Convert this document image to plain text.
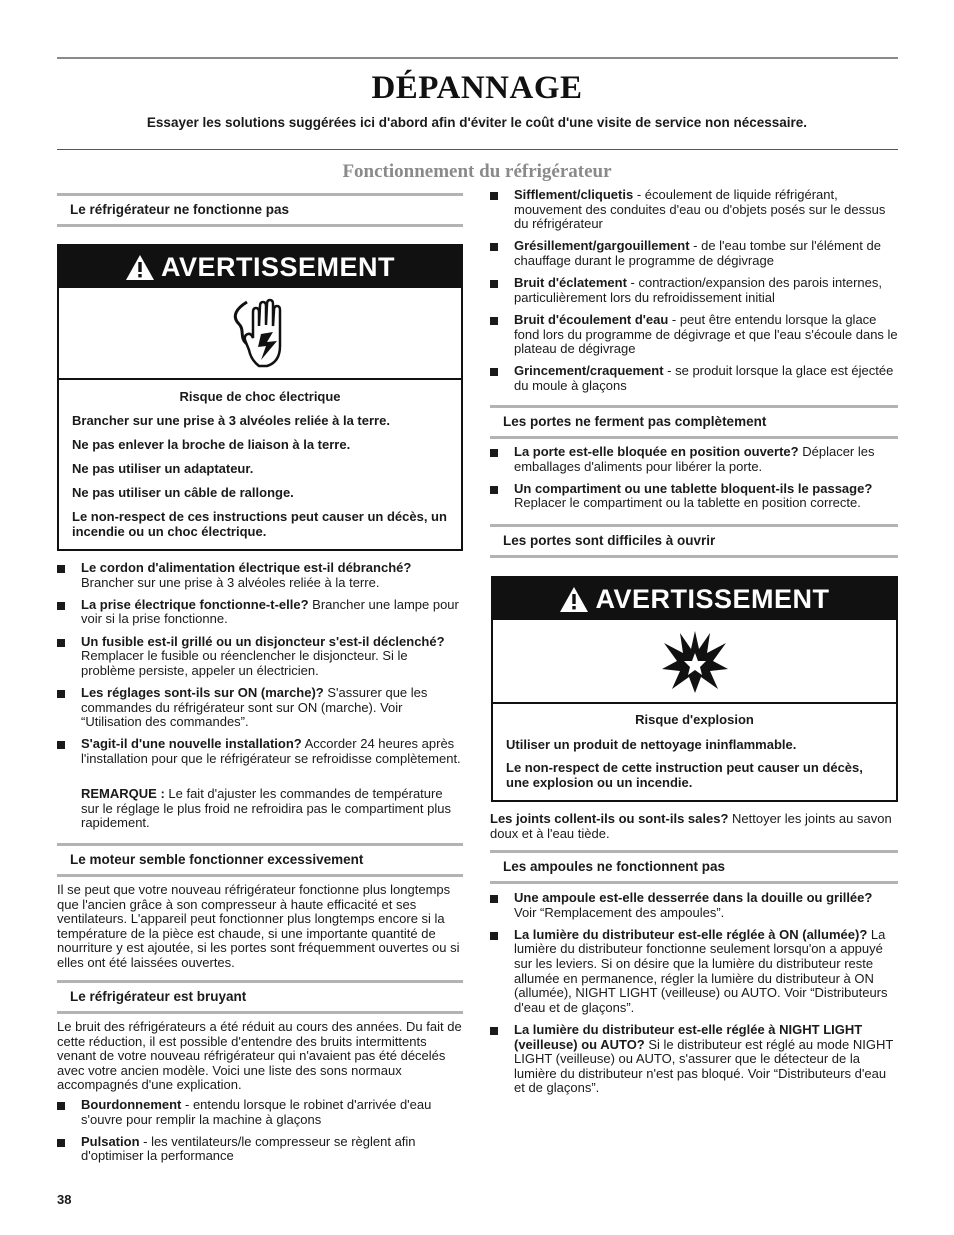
DÉPANNAGE
Essayer les solutions suggérées ici d'abord afin d'éviter le coût d'une visite de service non nécessaire.
Fonctionnement du réfrigérateur
Le réfrigérateur ne fonctionne pas
AVERTISSEMENT

Risque de choc électrique

Brancher sur une prise à 3 alvéoles reliée à la terre.

Ne pas enlever la broche de liaison à la terre.

Ne pas utiliser un adaptateur.

Ne pas utiliser un câble de rallonge.

Le non-respect de ces instructions peut causer un décès, un incendie ou un choc électrique.

Le cordon d'alimentation électrique est-il débranché? Brancher sur une prise à 3 alvéoles reliée à la terre.
La prise électrique fonctionne-t-elle? Brancher une lampe pour voir si la prise fonctionne.
Un fusible est-il grillé ou un disjoncteur s'est-il déclenché? Remplacer le fusible ou réenclencher le disjoncteur. Si le problème persiste, appeler un électricien.
Les réglages sont-ils sur ON (marche)? S'assurer que les commandes du réfrigérateur sont sur ON (marche). Voir “Utilisation des commandes”.
S'agit-il d'une nouvelle installation? Accorder 24 heures après l'installation pour que le réfrigérateur se refroidisse complètement.
REMARQUE : Le fait d'ajuster les commandes de température sur le réglage le plus froid ne refroidira pas le compartiment plus rapidement.
Le moteur semble fonctionner excessivement
Il se peut que votre nouveau réfrigérateur fonctionne plus longtemps que l'ancien grâce à son compresseur à haute efficacité et ses ventilateurs. L'appareil peut fonctionner plus longtemps encore si la température de la pièce est chaude, si une importante quantité de nourriture y est ajoutée, si les portes sont fréquemment ouvertes ou si elles ont été laissées ouvertes.
Le réfrigérateur est bruyant
Le bruit des réfrigérateurs a été réduit au cours des années. Du fait de cette réduction, il est possible d'entendre des bruits intermittents venant de votre nouveau réfrigérateur qui n'avaient pas été décelés avec votre ancien modèle. Voici une liste des sons normaux accompagnés d'une explication.
Bourdonnement - entendu lorsque le robinet d'arrivée d'eau s'ouvre pour remplir la machine à glaçons
Pulsation - les ventilateurs/le compresseur se règlent afin d'optimiser la performance
Sifflement/cliquetis - écoulement de liquide réfrigérant, mouvement des conduites d'eau ou d'objets posés sur le dessus du réfrigérateur
Grésillement/gargouillement - de l'eau tombe sur l'élément de chauffage durant le programme de dégivrage
Bruit d'éclatement - contraction/expansion des parois internes, particulièrement lors du refroidissement initial
Bruit d'écoulement d'eau - peut être entendu lorsque la glace fond lors du programme de dégivrage et que l'eau s'écoule dans le plateau de dégivrage
Grincement/craquement - se produit lorsque la glace est éjectée du moule à glaçons
Les portes ne ferment pas complètement
La porte est-elle bloquée en position ouverte? Déplacer les emballages d'aliments pour libérer la porte.
Un compartiment ou une tablette bloquent-ils le passage? Replacer le compartiment ou la tablette en position correcte.
Les portes sont difficiles à ouvrir
AVERTISSEMENT

Risque d'explosion

Utiliser un produit de nettoyage ininflammable.

Le non-respect de cette instruction peut causer un décès, une explosion ou un incendie.

Les joints collent-ils ou sont-ils sales? Nettoyer les joints au savon doux et à l'eau tiède.
Les ampoules ne fonctionnent pas
Une ampoule est-elle desserrée dans la douille ou grillée? Voir “Remplacement des ampoules”.
La lumière du distributeur est-elle réglée à ON (allumée)? La lumière du distributeur fonctionne seulement lorsqu'on a appuyé sur les leviers. Si on désire que la lumière du distributeur reste allumée en permanence, régler la lumière du distributeur à ON (allumée), NIGHT LIGHT (veilleuse) ou AUTO. Voir “Distributeurs d'eau et de glaçons”.
La lumière du distributeur est-elle réglée à NIGHT LIGHT (veilleuse) ou AUTO? Si le distributeur est réglé au mode NIGHT LIGHT (veilleuse) ou AUTO, s'assurer que le détecteur de la lumière du distributeur n'est pas bloqué. Voir “Distributeurs d'eau et de glaçons”.
38
